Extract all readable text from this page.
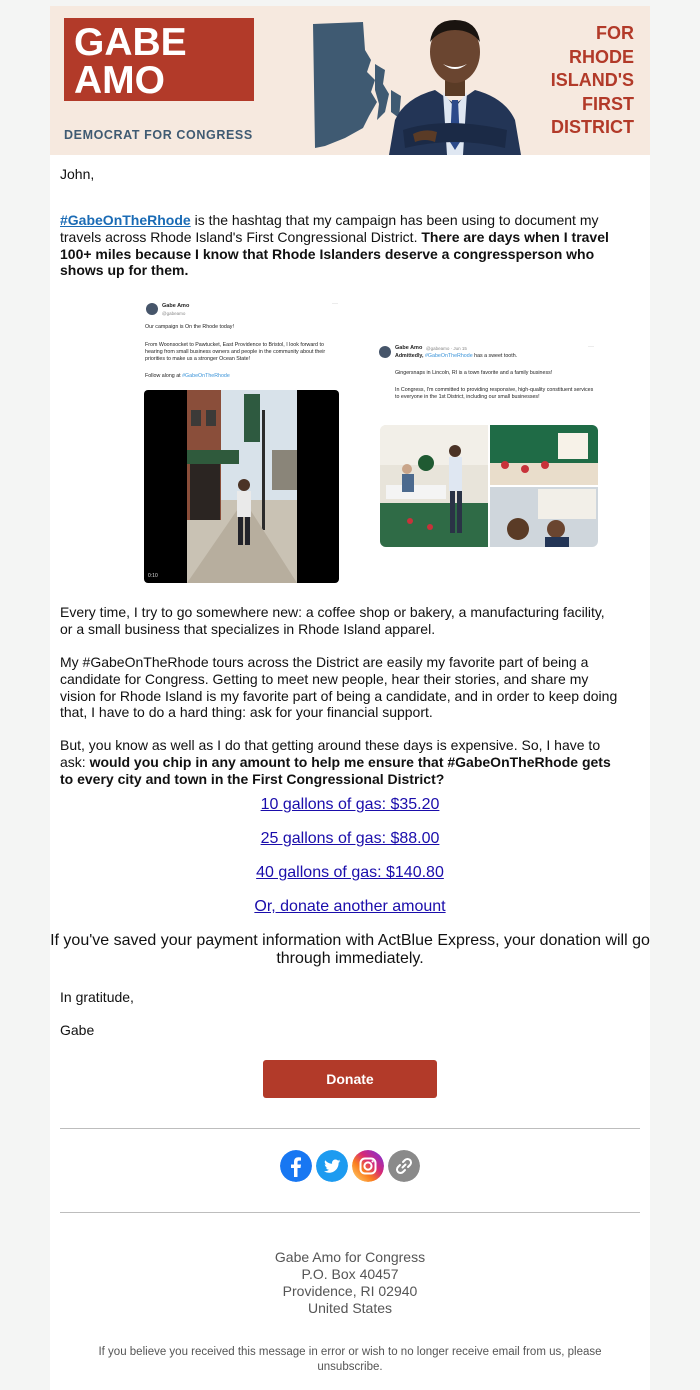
GABE
AMO
DEMOCRAT FOR CONGRESS
FOR
RHODE
ISLAND'S
FIRST
DISTRICT

John,

#GabeOnTheRhode is the hashtag that my campaign has been using to document my travels across Rhode Island's First Congressional District. There are days when I travel 100+ miles because I know that Rhode Islanders deserve a congressperson who shows up for them.

Gabe Amo
@gabeamo
···
Our campaign is On the Rhode today!
From Woonsocket to Pawtucket, East Providence to Bristol, I look forward to hearing from small business owners and people in the community about their priorities to make us a stronger Ocean State!
Follow along at #GabeOnTheRhode
0:10
Gabe Amo @gabeamo · Jun 15	···
Admittedly, #GabeOnTheRhode has a sweet tooth.
Gingersnaps in Lincoln, RI is a town favorite and a family business!
In Congress, I'm committed to providing responsive, high-quality constituent services to everyone in the 1st District, including our small businesses!

Every time, I try to go somewhere new: a coffee shop or bakery, a manufacturing facility, or a small business that specializes in Rhode Island apparel.

My #GabeOnTheRhode tours across the District are easily my favorite part of being a candidate for Congress. Getting to meet new people, hear their stories, and share my vision for Rhode Island is my favorite part of being a candidate, and in order to keep doing that, I have to do a hard thing: ask for your financial support.

But, you know as well as I do that getting around these days is expensive. So, I have to ask: would you chip in any amount to help me ensure that #GabeOnTheRhode gets to every city and town in the First Congressional District?

10 gallons of gas: $35.20
25 gallons of gas: $88.00
40 gallons of gas: $140.80
Or, donate another amount
If you've saved your payment information with ActBlue Express, your donation will go through immediately.

In gratitude,

Gabe

Donate
Gabe Amo for Congress
P.O. Box 40457
Providence, RI 02940
United States
If you believe you received this message in error or wish to no longer receive email from us, please unsubscribe.
